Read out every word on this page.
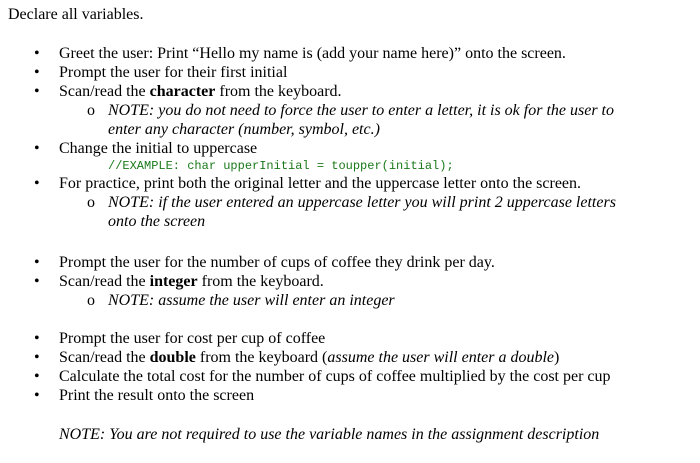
Declare all variables.
• Greet the user: Print “Hello my name is (add your name here)” onto the screen.
• Prompt the user for their first initial
• Scan/read the character from the keyboard.
o NOTE: you do not need to force the user to enter a letter, it is ok for the user to
enter any character (number, symbol, etc.)
• Change the initial to uppercase
//EXAMPLE: char upperInitial = toupper(initial);
• For practice, print both the original letter and the uppercase letter onto the screen.
o NOTE: if the user entered an uppercase letter you will print 2 uppercase letters
onto the screen
• Prompt the user for the number of cups of coffee they drink per day.
• Scan/read the integer from the keyboard.
o NOTE: assume the user will enter an integer
• Prompt the user for cost per cup of coffee
• Scan/read the double from the keyboard (assume the user will enter a double)
• Calculate the total cost for the number of cups of coffee multiplied by the cost per cup
• Print the result onto the screen
NOTE: You are not required to use the variable names in the assignment description
